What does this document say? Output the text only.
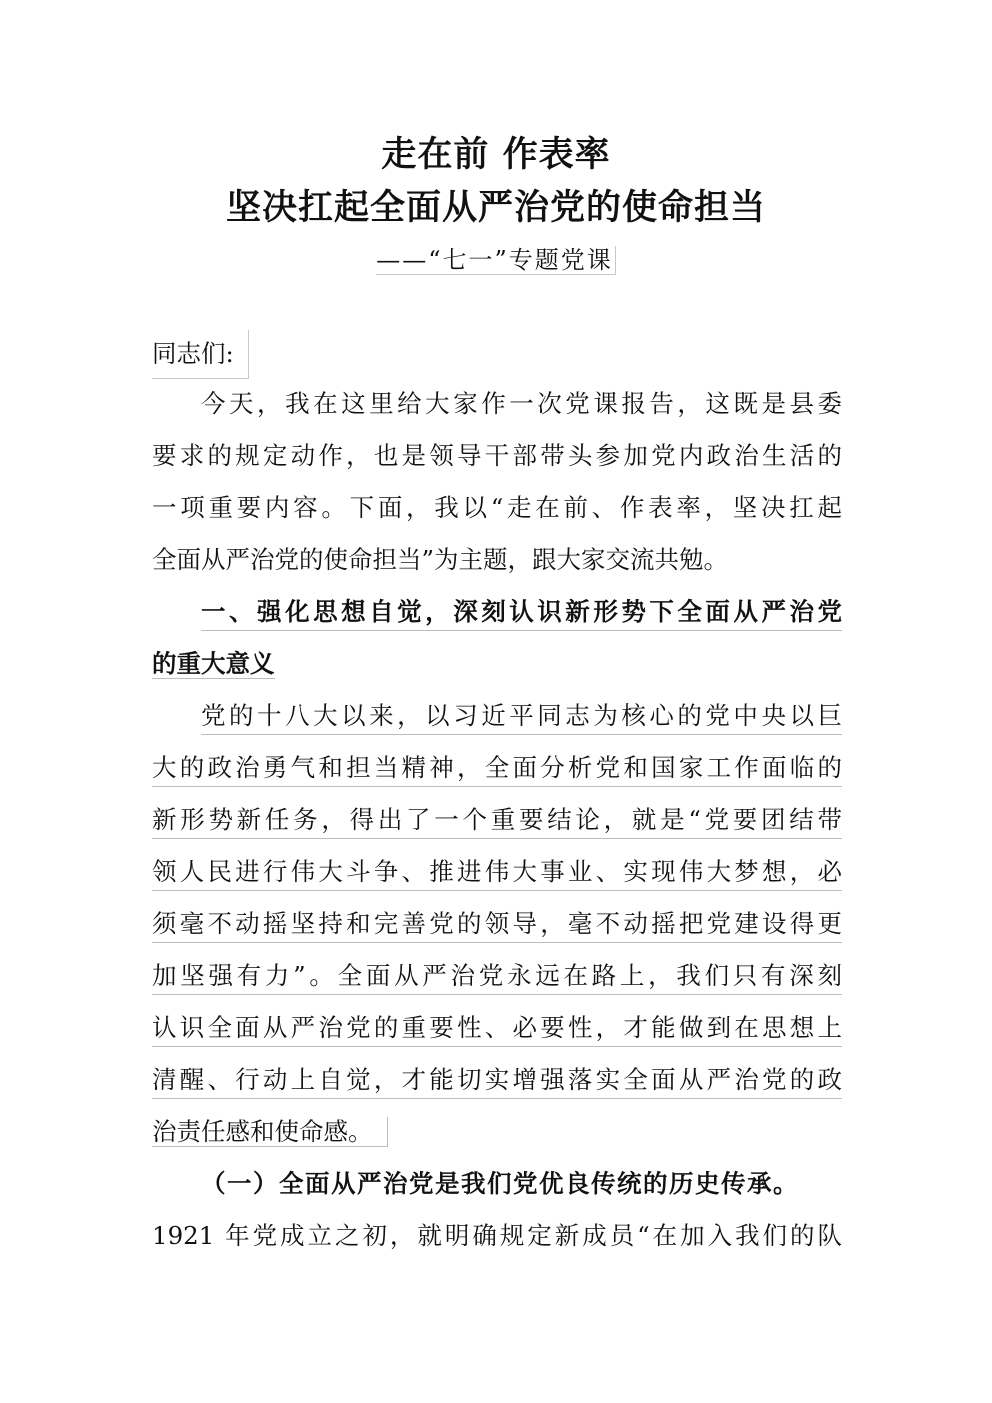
走在前 作表率
坚决扛起全面从严治党的使命担当
——“七一”专题党课
同志们:
今天，我在这里给大家作一次党课报告，这既是县委
要求的规定动作，也是领导干部带头参加党内政治生活的
一项重要内容。下面，我以“走在前、作表率，坚决扛起
全面从严治党的使命担当”为主题，跟大家交流共勉。
一、强化思想自觉，深刻认识新形势下全面从严治党
的重大意义
党的十八大以来，以习近平同志为核心的党中央以巨
大的政治勇气和担当精神，全面分析党和国家工作面临的
新形势新任务，得出了一个重要结论，就是“党要团结带
领人民进行伟大斗争、推进伟大事业、实现伟大梦想，必
须毫不动摇坚持和完善党的领导，毫不动摇把党建设得更
加坚强有力”。全面从严治党永远在路上，我们只有深刻
认识全面从严治党的重要性、必要性，才能做到在思想上
清醒、行动上自觉，才能切实增强落实全面从严治党的政
治责任感和使命感。
（一）全面从严治党是我们党优良传统的历史传承。
1921 年党成立之初，就明确规定新成员“在加入我们的队
